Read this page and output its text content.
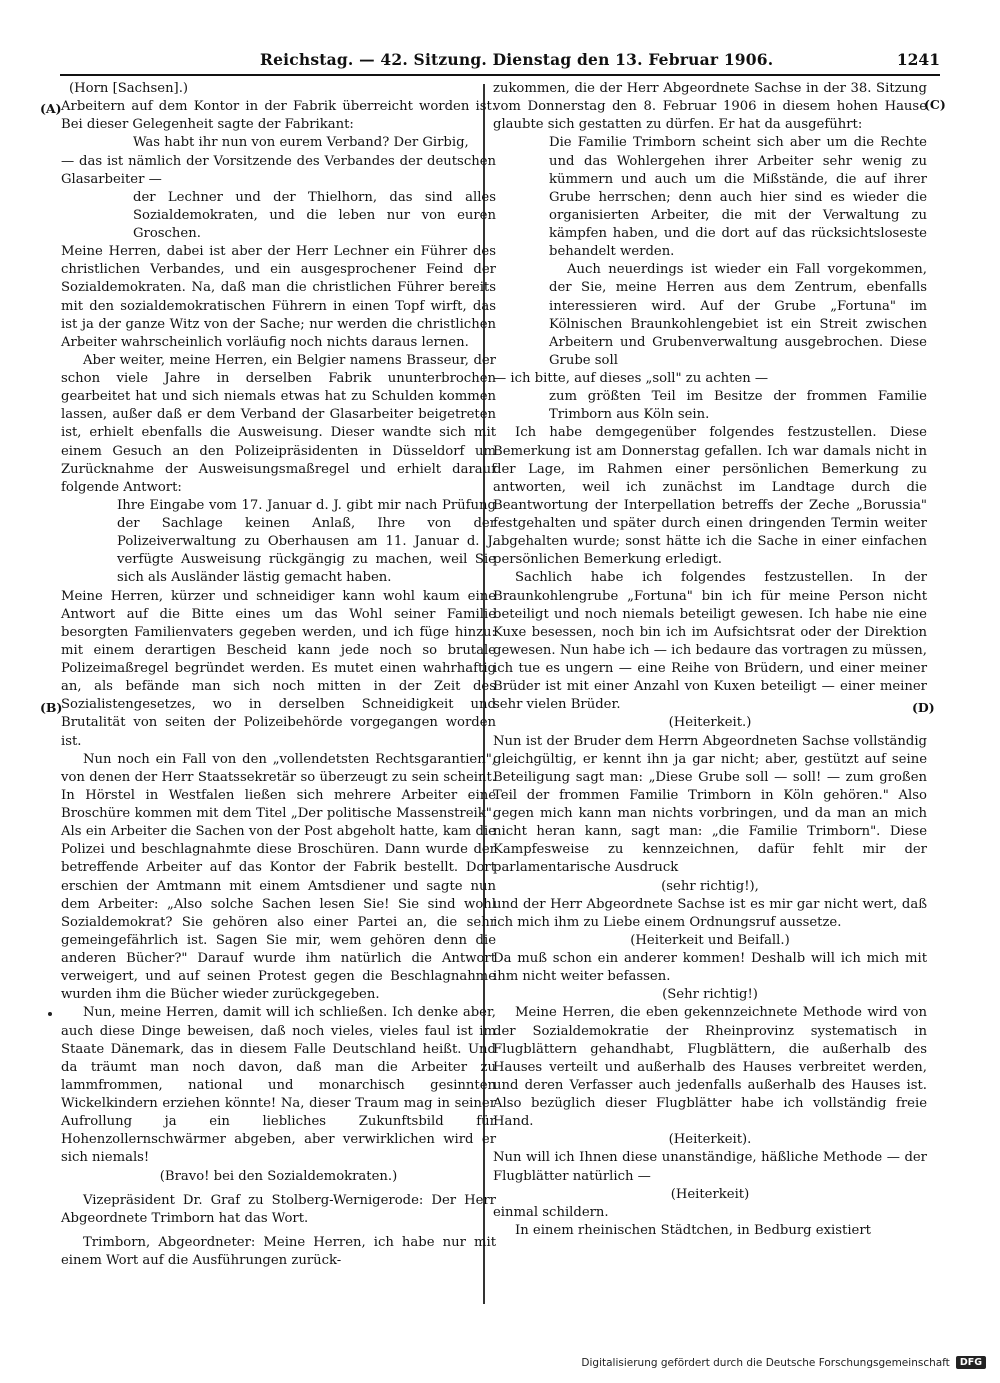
Reichstag. — 42. Sitzung. Dienstag den 13. Februar 1906.	1241
(A)
(B)
(C)
(D)

(Horn [Sachsen].)

Arbeitern auf dem Kontor in der Fabrik überreicht worden ist. Bei dieser Gelegenheit sagte der Fabrikant:

Was habt ihr nun von eurem Verband? Der Girbig,

— das ist nämlich der Vorsitzende des Verbandes der deutschen Glasarbeiter —

der Lechner und der Thielhorn, das sind alles Sozialdemokraten, und die leben nur von euren Groschen.

Meine Herren, dabei ist aber der Herr Lechner ein Führer des christlichen Verbandes, und ein ausgesprochener Feind der Sozialdemokraten. Na, daß man die christlichen Führer bereits mit den sozialdemokratischen Führern in einen Topf wirft, das ist ja der ganze Witz von der Sache; nur werden die christlichen Arbeiter wahrscheinlich vorläufig noch nichts daraus lernen.

Aber weiter, meine Herren, ein Belgier namens Brasseur, der schon viele Jahre in derselben Fabrik ununterbrochen gearbeitet hat und sich niemals etwas hat zu Schulden kommen lassen, außer daß er dem Verband der Glasarbeiter beigetreten ist, erhielt ebenfalls die Ausweisung. Dieser wandte sich mit einem Gesuch an den Polizeipräsidenten in Düsseldorf um Zurücknahme der Ausweisungsmaßregel und erhielt darauf folgende Antwort:

Ihre Eingabe vom 17. Januar d. J. gibt mir nach Prüfung der Sachlage keinen Anlaß, Ihre von der Polizeiverwaltung zu Oberhausen am 11. Januar d. J. verfügte Ausweisung rückgängig zu machen, weil Sie sich als Ausländer lästig gemacht haben.

Meine Herren, kürzer und schneidiger kann wohl kaum eine Antwort auf die Bitte eines um das Wohl seiner Familie besorgten Familienvaters gegeben werden, und ich füge hinzu: mit einem derartigen Bescheid kann jede noch so brutale Polizeimaßregel begründet werden. Es mutet einen wahrhaftig an, als befände man sich noch mitten in der Zeit des Sozialistengesetzes, wo in derselben Schneidigkeit und Brutalität von seiten der Polizeibehörde vorgegangen worden ist.

Nun noch ein Fall von den „vollendetsten Rechtsgarantien", von denen der Herr Staatssekretär so überzeugt zu sein scheint. In Hörstel in Westfalen ließen sich mehrere Arbeiter eine Broschüre kommen mit dem Titel „Der politische Massenstreik". Als ein Arbeiter die Sachen von der Post abgeholt hatte, kam die Polizei und beschlagnahmte diese Broschüren. Dann wurde der betreffende Arbeiter auf das Kontor der Fabrik bestellt. Dort erschien der Amtmann mit einem Amtsdiener und sagte nun dem Arbeiter: „Also solche Sachen lesen Sie! Sie sind wohl Sozialdemokrat? Sie gehören also einer Partei an, die sehr gemeingefährlich ist. Sagen Sie mir, wem gehören denn die anderen Bücher?" Darauf wurde ihm natürlich die Antwort verweigert, und auf seinen Protest gegen die Beschlagnahme wurden ihm die Bücher wieder zurückgegeben.

Nun, meine Herren, damit will ich schließen. Ich denke aber, auch diese Dinge beweisen, daß noch vieles, vieles faul ist im Staate Dänemark, das in diesem Falle Deutschland heißt. Und da träumt man noch davon, daß man die Arbeiter zu lammfrommen, national und monarchisch gesinnten Wickelkindern erziehen könnte! Na, dieser Traum mag in seiner Aufrollung ja ein liebliches Zukunftsbild für Hohenzollernschwärmer abgeben, aber verwirklichen wird er sich niemals!

(Bravo! bei den Sozialdemokraten.)

Vizepräsident Dr. Graf zu Stolberg-Wernigerode: Der Herr Abgeordnete Trimborn hat das Wort.

Trimborn, Abgeordneter: Meine Herren, ich habe nur mit einem Wort auf die Ausführungen zurück-

zukommen, die der Herr Abgeordnete Sachse in der 38. Sitzung vom Donnerstag den 8. Februar 1906 in diesem hohen Hause glaubte sich gestatten zu dürfen. Er hat da ausgeführt:

Die Familie Trimborn scheint sich aber um die Rechte und das Wohlergehen ihrer Arbeiter sehr wenig zu kümmern und auch um die Mißstände, die auf ihrer Grube herrschen; denn auch hier sind es wieder die organisierten Arbeiter, die mit der Verwaltung zu kämpfen haben, und die dort auf das rücksichtsloseste behandelt werden.

Auch neuerdings ist wieder ein Fall vorgekommen, der Sie, meine Herren aus dem Zentrum, ebenfalls interessieren wird. Auf der Grube „Fortuna" im Kölnischen Braunkohlengebiet ist ein Streit zwischen Arbeitern und Grubenverwaltung ausgebrochen. Diese Grube soll

— ich bitte, auf dieses „soll" zu achten —

zum größten Teil im Besitze der frommen Familie Trimborn aus Köln sein.

Ich habe demgegenüber folgendes festzustellen. Diese Bemerkung ist am Donnerstag gefallen. Ich war damals nicht in der Lage, im Rahmen einer persönlichen Bemerkung zu antworten, weil ich zunächst im Landtage durch die Beantwortung der Interpellation betreffs der Zeche „Borussia" festgehalten und später durch einen dringenden Termin weiter abgehalten wurde; sonst hätte ich die Sache in einer einfachen persönlichen Bemerkung erledigt.

Sachlich habe ich folgendes festzustellen. In der Braunkohlengrube „Fortuna" bin ich für meine Person nicht beteiligt und noch niemals beteiligt gewesen. Ich habe nie eine Kuxe besessen, noch bin ich im Aufsichtsrat oder der Direktion gewesen. Nun habe ich — ich bedaure das vortragen zu müssen, ich tue es ungern — eine Reihe von Brüdern, und einer meiner Brüder ist mit einer Anzahl von Kuxen beteiligt — einer meiner sehr vielen Brüder.

(Heiterkeit.)

Nun ist der Bruder dem Herrn Abgeordneten Sachse vollständig gleichgültig, er kennt ihn ja gar nicht; aber, gestützt auf seine Beteiligung sagt man: „Diese Grube soll — soll! — zum großen Teil der frommen Familie Trimborn in Köln gehören." Also gegen mich kann man nichts vorbringen, und da man an mich nicht heran kann, sagt man: „die Familie Trimborn". Diese Kampfesweise zu kennzeichnen, dafür fehlt mir der parlamentarische Ausdruck

(sehr richtig!),

und der Herr Abgeordnete Sachse ist es mir gar nicht wert, daß ich mich ihm zu Liebe einem Ordnungsruf aussetze.

(Heiterkeit und Beifall.)

Da muß schon ein anderer kommen! Deshalb will ich mich mit ihm nicht weiter befassen.

(Sehr richtig!)

Meine Herren, die eben gekennzeichnete Methode wird von der Sozialdemokratie der Rheinprovinz systematisch in Flugblättern gehandhabt, Flugblättern, die außerhalb des Hauses verteilt und außerhalb des Hauses verbreitet werden, und deren Verfasser auch jedenfalls außerhalb des Hauses ist. Also bezüglich dieser Flugblätter habe ich vollständig freie Hand.

(Heiterkeit).

Nun will ich Ihnen diese unanständige, häßliche Methode — der Flugblätter natürlich —

(Heiterkeit)

einmal schildern.

In einem rheinischen Städtchen, in Bedburg existiert

Digitalisierung gefördert durch die Deutsche Forschungsgemeinschaft	DFG
